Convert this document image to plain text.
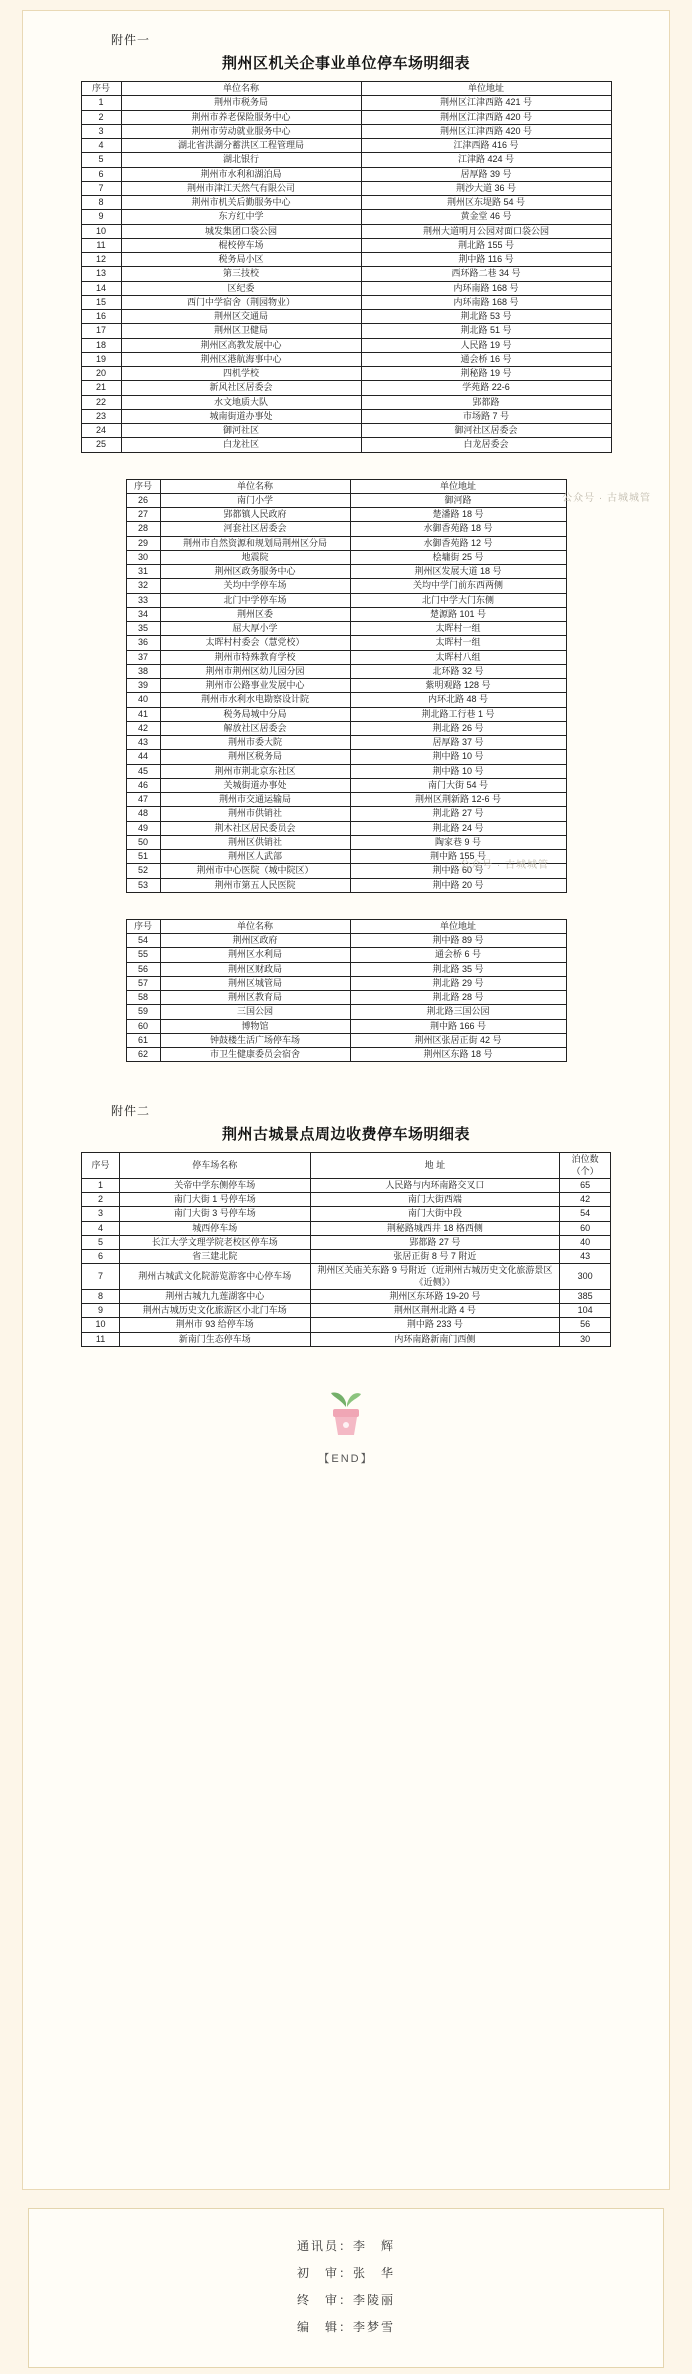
附件一
荆州区机关企事业单位停车场明细表
序号	单位名称	单位地址
1	荆州市税务局	荆州区江津西路 421 号
2	荆州市养老保险服务中心	荆州区江津西路 420 号
3	荆州市劳动就业服务中心	荆州区江津西路 420 号
4	湖北省洪湖分蓄洪区工程管理局	江津西路 416 号
5	湖北银行	江津路 424 号
6	荆州市水利和湖泊局	居厚路 39 号
7	荆州市津江天然气有限公司	荆沙大道 36 号
8	荆州市机关后勤服务中心	荆州区东堤路 54 号
9	东方红中学	黄金堂 46 号
10	城发集团口袋公园	荆州大道明月公园对面口袋公园
11	棍校停车场	荆北路 155 号
12	税务局小区	荆中路 116 号
13	第三技校	西环路二巷 34 号
14	区纪委	内环南路 168 号
15	西门中学宿舍（荆园物业）	内环南路 168 号
16	荆州区交通局	荆北路 53 号
17	荆州区卫健局	荆北路 51 号
18	荆州区高教发展中心	人民路 19 号
19	荆州区港航海事中心	通会桥 16 号
20	四机学校	荆秘路 19 号
21	新风社区居委会	学苑路 22-6
22	水文地质大队	郢都路
23	城南街道办事处	市场路 7 号
24	御河社区	御河社区居委会
25	白龙社区	白龙居委会
序号	单位名称	单位地址
26	南门小学	御河路
27	郢都镇人民政府	楚潘路 18 号
28	河套社区居委会	水御香苑路 18 号
29	荆州市自然资源和规划局荆州区分局	水御香苑路 12 号
30	地震院	桧墉街 25 号
31	荆州区政务服务中心	荆州区发展大道 18 号
32	关均中学停车场	关均中学门前东西两侧
33	北门中学停车场	北门中学大门东侧
34	荆州区委	楚源路 101 号
35	屈大厚小学	太晖村一组
36	太晖村村委会（慧党校）	太晖村一组
37	荆州市特殊教育学校	太晖村八组
38	荆州市荆州区幼儿园分园	北环路 32 号
39	荆州市公路事业发展中心	紫明观路 128 号
40	荆州市水利水电勘察设计院	内环北路 48 号
41	税务局城中分局	荆北路工行巷 1 号
42	解放社区居委会	荆北路 26 号
43	荆州市委大院	居厚路 37 号
44	荆州区税务局	荆中路 10 号
45	荆州市荆北京东社区	荆中路 10 号
46	关城街道办事处	南门大街 54 号
47	荆州市交通运输局	荆州区荆新路 12-6 号
48	荆州市供销社	荆北路 27 号
49	荆木社区居民委员会	荆北路 24 号
50	荆州区供销社	陶家巷 9 号
51	荆州区人武部	荆中路 155 号
52	荆州市中心医院（城中院区）	荆中路 60 号
53	荆州市第五人民医院	荆中路 20 号
序号	单位名称	单位地址
54	荆州区政府	荆中路 89 号
55	荆州区水利局	通会桥 6 号
56	荆州区财政局	荆北路 35 号
57	荆州区城管局	荆北路 29 号
58	荆州区教育局	荆北路 28 号
59	三国公园	荆北路三国公园
60	博物馆	荆中路 166 号
61	钟鼓楼生活广场停车场	荆州区张居正街 42 号
62	市卫生健康委员会宿舍	荆州区东路 18 号
附件二
荆州古城景点周边收费停车场明细表
序号	停车场名称	地 址	泊位数（个）
1	关帝中学东侧停车场	人民路与内环南路交叉口	65
2	南门大街 1 号停车场	南门大街西端	42
3	南门大街 3 号停车场	南门大街中段	54
4	城西停车场	荆秘路城西井 18 格西侧	60
5	长江大学文理学院老校区停车场	郢都路 27 号	40
6	省三建北院	张居正街 8 号 7 附近	43
7	荆州古城武文化院游览游客中心停车场	荆州区关庙关东路 9 号附近（近荆州古城历史文化旅游景区《近侧》）	300
8	荆州古城九九莲湖客中心	荆州区东环路 19-20 号	385
9	荆州古城历史文化旅游区小北门车场	荆州区荆州北路 4 号	104
10	荆州市 93 给停车场	荆中路 233 号	56
11	新南门生态停车场	内环南路新南门西侧	30
公众号 · 古城城管
公众号 · 古城城管
【END】
通讯员：李　辉
初　审：张　华
终　审：李陵丽
编　辑：李梦雪
